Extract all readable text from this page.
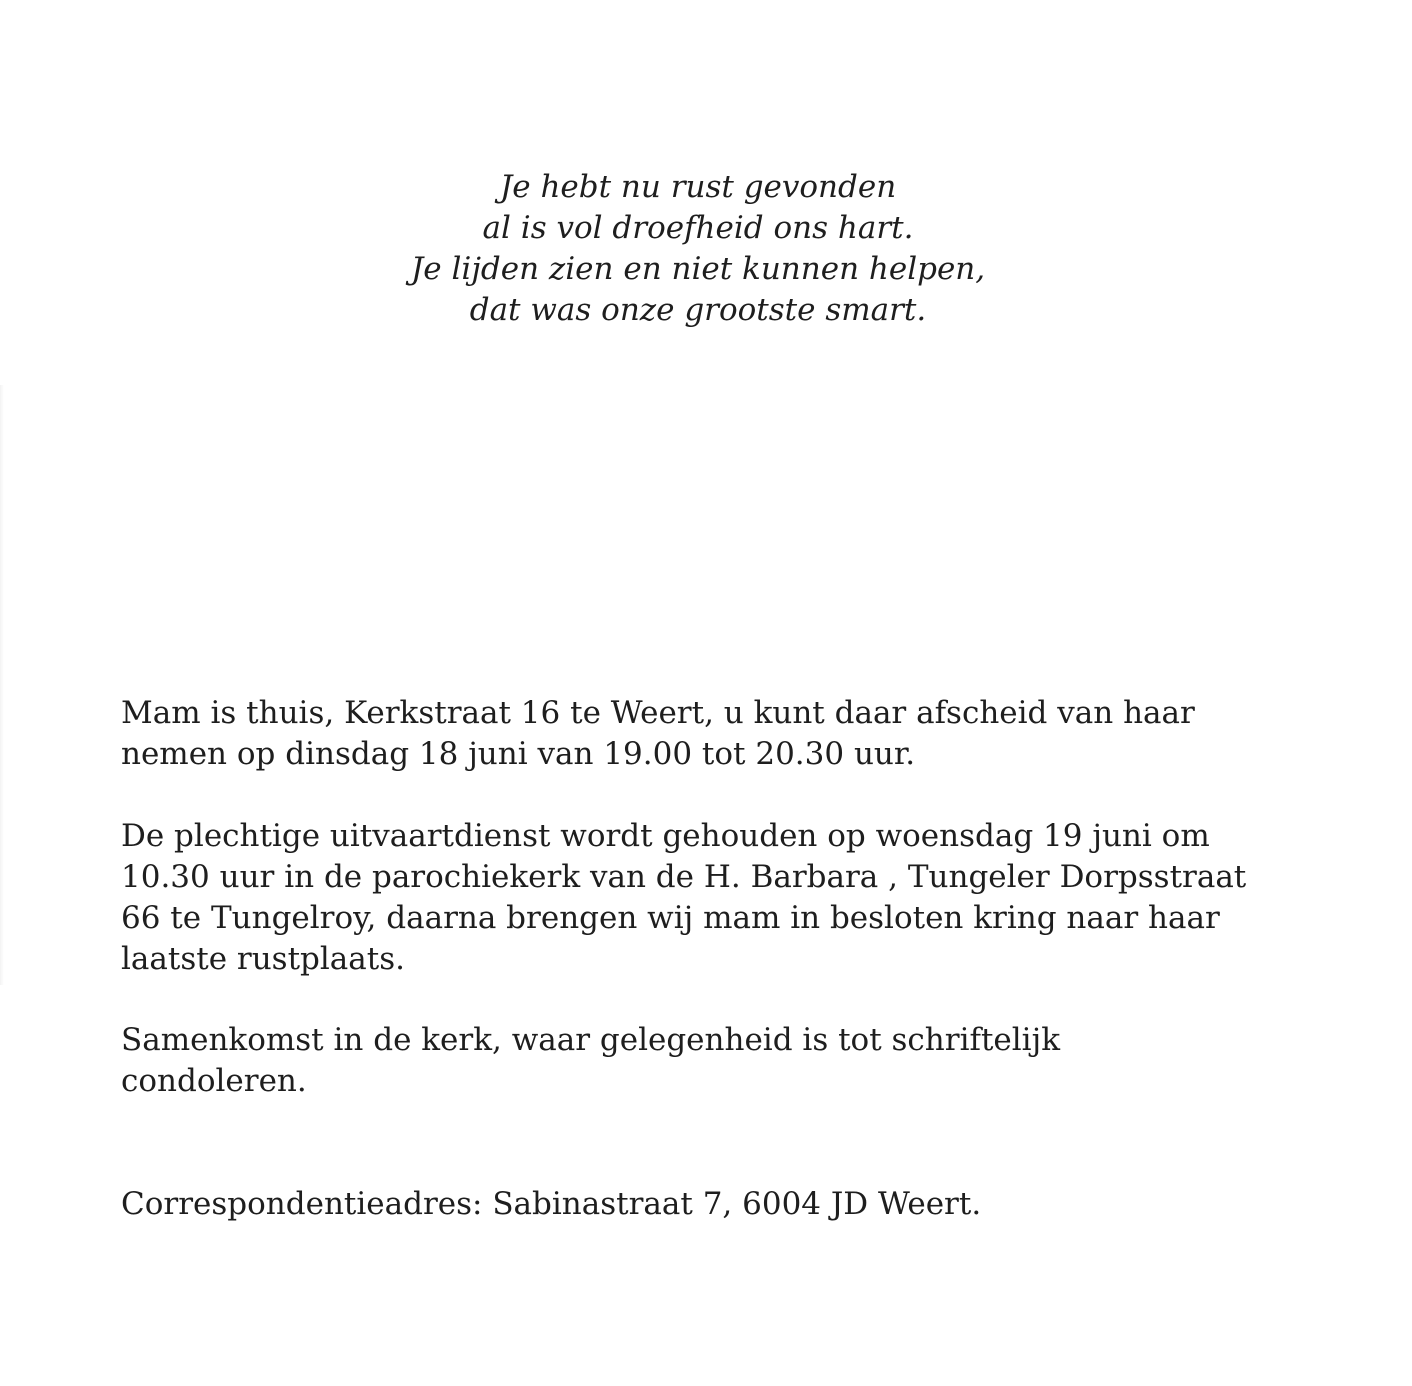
Je hebt nu rust gevonden
al is vol droefheid ons hart.
Je lijden zien en niet kunnen helpen,
dat was onze grootste smart.
Mam is thuis, Kerkstraat 16 te Weert, u kunt daar afscheid van haar
nemen op dinsdag 18 juni van 19.00 tot 20.30 uur.
De plechtige uitvaartdienst wordt gehouden op woensdag 19 juni om
10.30 uur in de parochiekerk van de H. Barbara , Tungeler Dorpsstraat
66 te Tungelroy, daarna brengen wij mam in besloten kring naar haar
laatste rustplaats.
Samenkomst in de kerk, waar gelegenheid is tot schriftelijk
condoleren.
Correspondentieadres: Sabinastraat 7, 6004 JD Weert.
